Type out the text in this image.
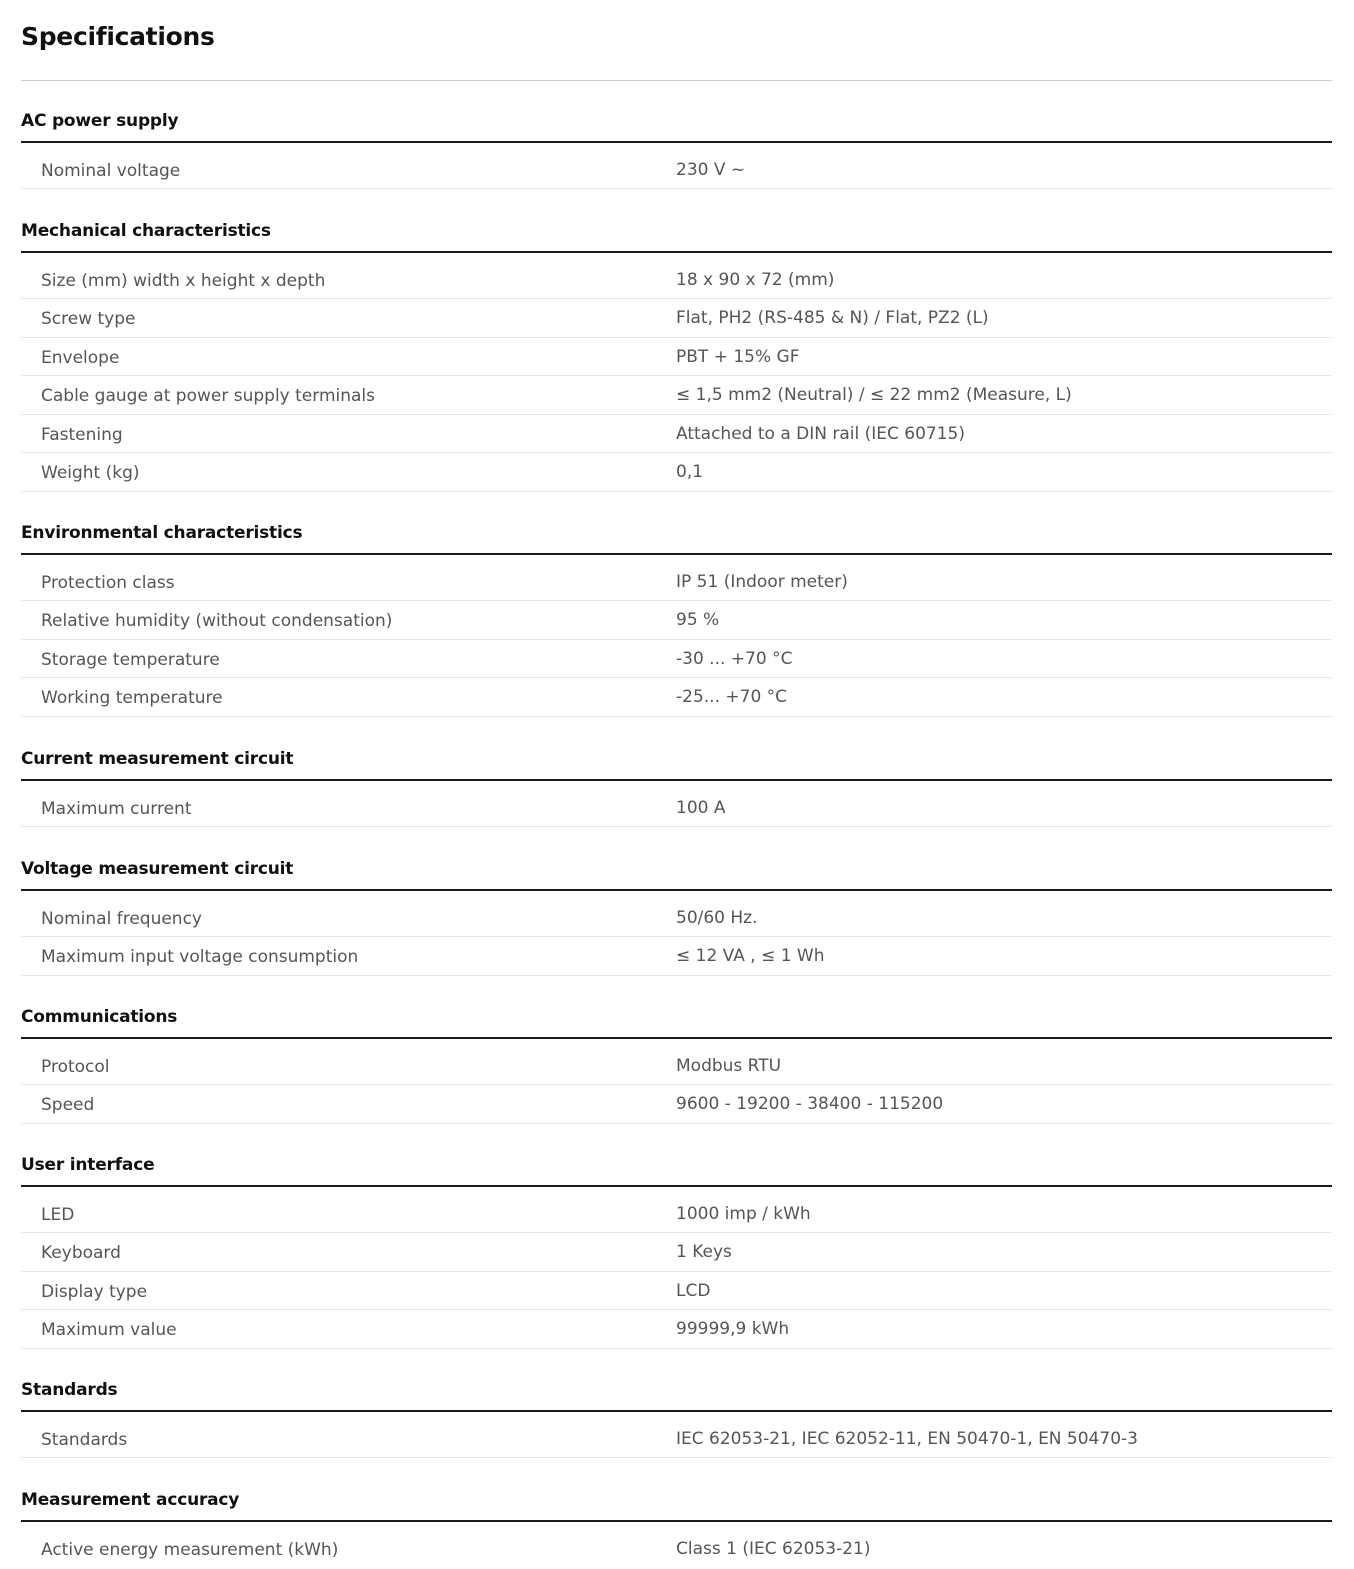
Specifications
AC power supply
Nominal voltage	230 V ~
Mechanical characteristics
Size (mm) width x height x depth	18 x 90 x 72 (mm)
Screw type	Flat, PH2 (RS-485 & N) / Flat, PZ2 (L)
Envelope	PBT + 15% GF
Cable gauge at power supply terminals	≤ 1,5 mm2 (Neutral) / ≤ 22 mm2 (Measure, L)
Fastening	Attached to a DIN rail (IEC 60715)
Weight (kg)	0,1
Environmental characteristics
Protection class	IP 51 (Indoor meter)
Relative humidity (without condensation)	95 %
Storage temperature	-30 ... +70 °C
Working temperature	-25... +70 °C
Current measurement circuit
Maximum current	100 A
Voltage measurement circuit
Nominal frequency	50/60 Hz.
Maximum input voltage consumption	≤ 12 VA , ≤ 1 Wh
Communications
Protocol	Modbus RTU
Speed	9600 - 19200 - 38400 - 115200
User interface
LED	1000 imp / kWh
Keyboard	1 Keys
Display type	LCD
Maximum value	99999,9 kWh
Standards
Standards	IEC 62053-21, IEC 62052-11, EN 50470-1, EN 50470-3
Measurement accuracy
Active energy measurement (kWh)	Class 1 (IEC 62053-21)
